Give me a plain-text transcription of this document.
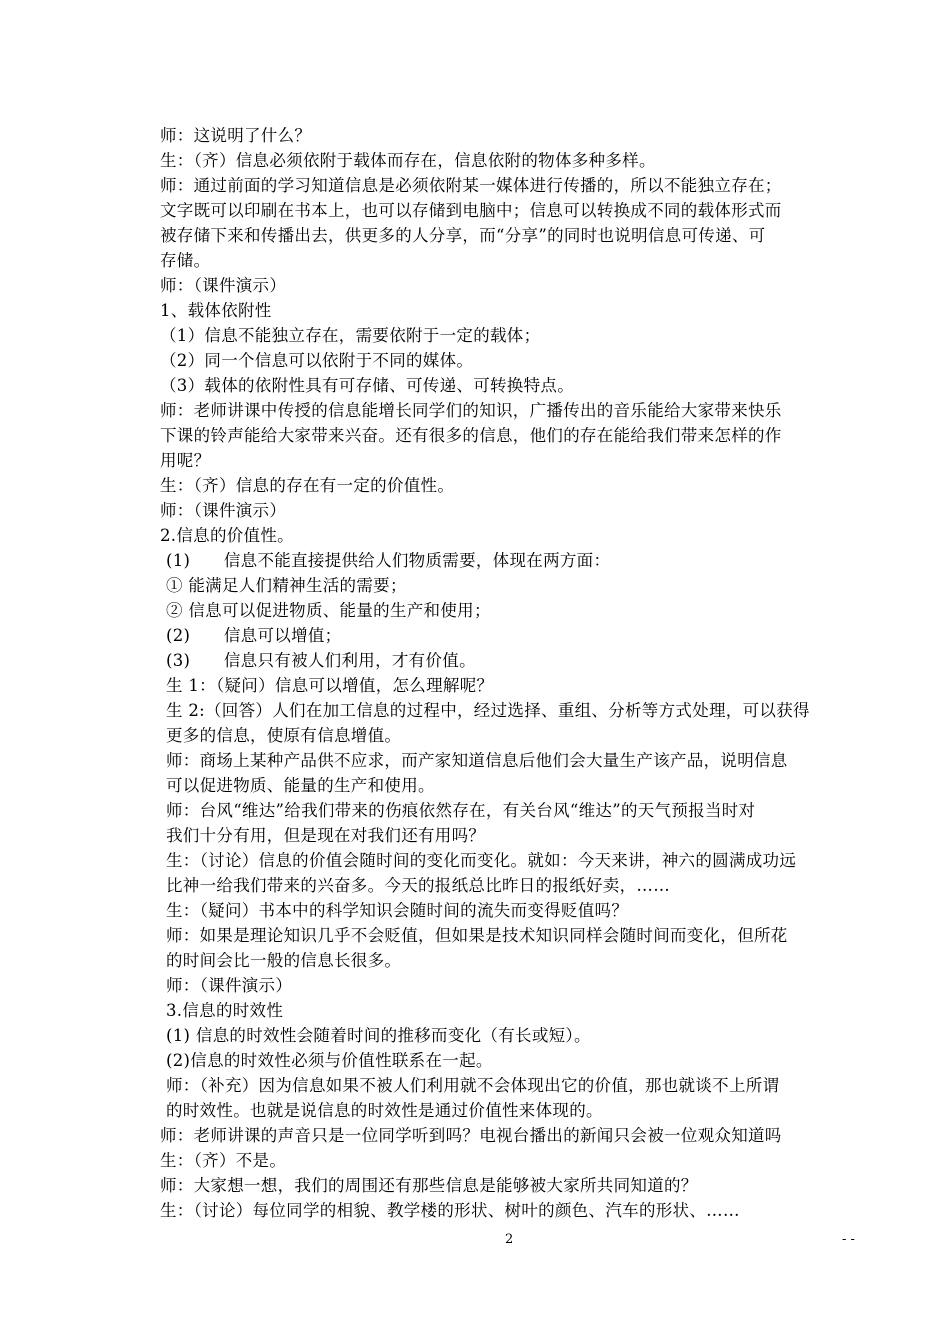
师：这说明了什么？
生：（齐）信息必须依附于载体而存在，信息依附的物体多种多样。
师：通过前面的学习知道信息是必须依附某一媒体进行传播的，所以不能独立存在；
文字既可以印刷在书本上，也可以存储到电脑中；信息可以转换成不同的载体形式而
被存储下来和传播出去，供更多的人分享，而“分享”的同时也说明信息可传递、可
存储。
师：（课件演示）
1、载体依附性
（1）信息不能独立存在，需要依附于一定的载体；
（2）同一个信息可以依附于不同的媒体。
（3）载体的依附性具有可存储、可传递、可转换特点。
师：老师讲课中传授的信息能增长同学们的知识，广播传出的音乐能给大家带来快乐
下课的铃声能给大家带来兴奋。还有很多的信息，他们的存在能给我们带来怎样的作
用呢？
生：（齐）信息的存在有一定的价值性。
师：（课件演示）
2.信息的价值性。
(1)　　信息不能直接提供给人们物质需要，体现在两方面：
① 能满足人们精神生活的需要；
② 信息可以促进物质、能量的生产和使用；
(2)　　信息可以增值；
(3)　　信息只有被人们利用，才有价值。
生 1：（疑问）信息可以增值，怎么理解呢？
生 2:（回答）人们在加工信息的过程中，经过选择、重组、分析等方式处理，可以获得
更多的信息，使原有信息增值。
师：商场上某种产品供不应求，而产家知道信息后他们会大量生产该产品，说明信息
可以促进物质、能量的生产和使用。
师：台风“维达”给我们带来的伤痕依然存在，有关台风“维达”的天气预报当时对
我们十分有用，但是现在对我们还有用吗？
生：（讨论）信息的价值会随时间的变化而变化。就如：今天来讲，神六的圆满成功远
比神一给我们带来的兴奋多。今天的报纸总比昨日的报纸好卖，……
生：（疑问）书本中的科学知识会随时间的流失而变得贬值吗？
师：如果是理论知识几乎不会贬值，但如果是技术知识同样会随时间而变化，但所花
的时间会比一般的信息长很多。
师：（课件演示）
3.信息的时效性
(1) 信息的时效性会随着时间的推移而变化（有长或短）。
(2)信息的时效性必须与价值性联系在一起。
师：（补充）因为信息如果不被人们利用就不会体现出它的价值，那也就谈不上所谓
的时效性。也就是说信息的时效性是通过价值性来体现的。
师：老师讲课的声音只是一位同学听到吗？电视台播出的新闻只会被一位观众知道吗
生：（齐）不是。
师：大家想一想，我们的周围还有那些信息是能够被大家所共同知道的？
生：（讨论）每位同学的相貌、教学楼的形状、树叶的颜色、汽车的形状、……
2	- -
